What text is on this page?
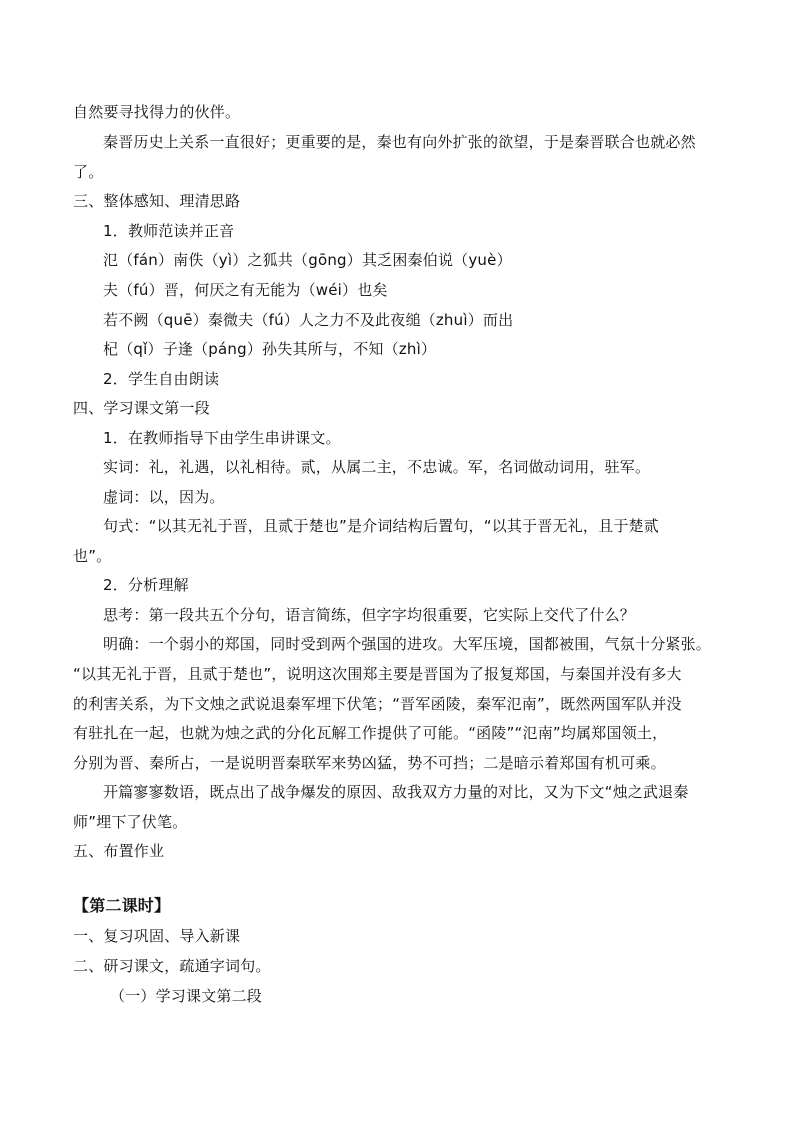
自然要寻找得力的伙伴。

秦晋历史上关系一直很好；更重要的是，秦也有向外扩张的欲望，于是秦晋联合也就必然

了。

三、整体感知、理清思路

1．教师范读并正音

氾（fán）南佚（yì）之狐共（gōng）其乏困秦伯说（yuè）

夫（fú）晋，何厌之有无能为（wéi）也矣

若不阙（quē）秦微夫（fú）人之力不及此夜缒（zhuì）而出

杞（qǐ）子逢（páng）孙失其所与，不知（zhì）

2．学生自由朗读

四、学习课文第一段

1．在教师指导下由学生串讲课文。

实词：礼，礼遇，以礼相待。贰，从属二主，不忠诚。军，名词做动词用，驻军。

虚词：以，因为。

句式：“以其无礼于晋，且贰于楚也”是介词结构后置句，“以其于晋无礼，且于楚贰

也”。

2．分析理解

思考：第一段共五个分句，语言简练，但字字均很重要，它实际上交代了什么？

明确：一个弱小的郑国，同时受到两个强国的进攻。大军压境，国都被围，气氛十分紧张。

“以其无礼于晋，且贰于楚也”，说明这次围郑主要是晋国为了报复郑国，与秦国并没有多大

的利害关系，为下文烛之武说退秦军埋下伏笔；“晋军函陵，秦军氾南”，既然两国军队并没

有驻扎在一起，也就为烛之武的分化瓦解工作提供了可能。“函陵”“氾南”均属郑国领土，

分别为晋、秦所占，一是说明晋秦联军来势凶猛，势不可挡；二是暗示着郑国有机可乘。

开篇寥寥数语，既点出了战争爆发的原因、敌我双方力量的对比，又为下文“烛之武退秦

师”埋下了伏笔。

五、布置作业

【第二课时】

一、复习巩固、导入新课

二、研习课文，疏通字词句。

（一）学习课文第二段
